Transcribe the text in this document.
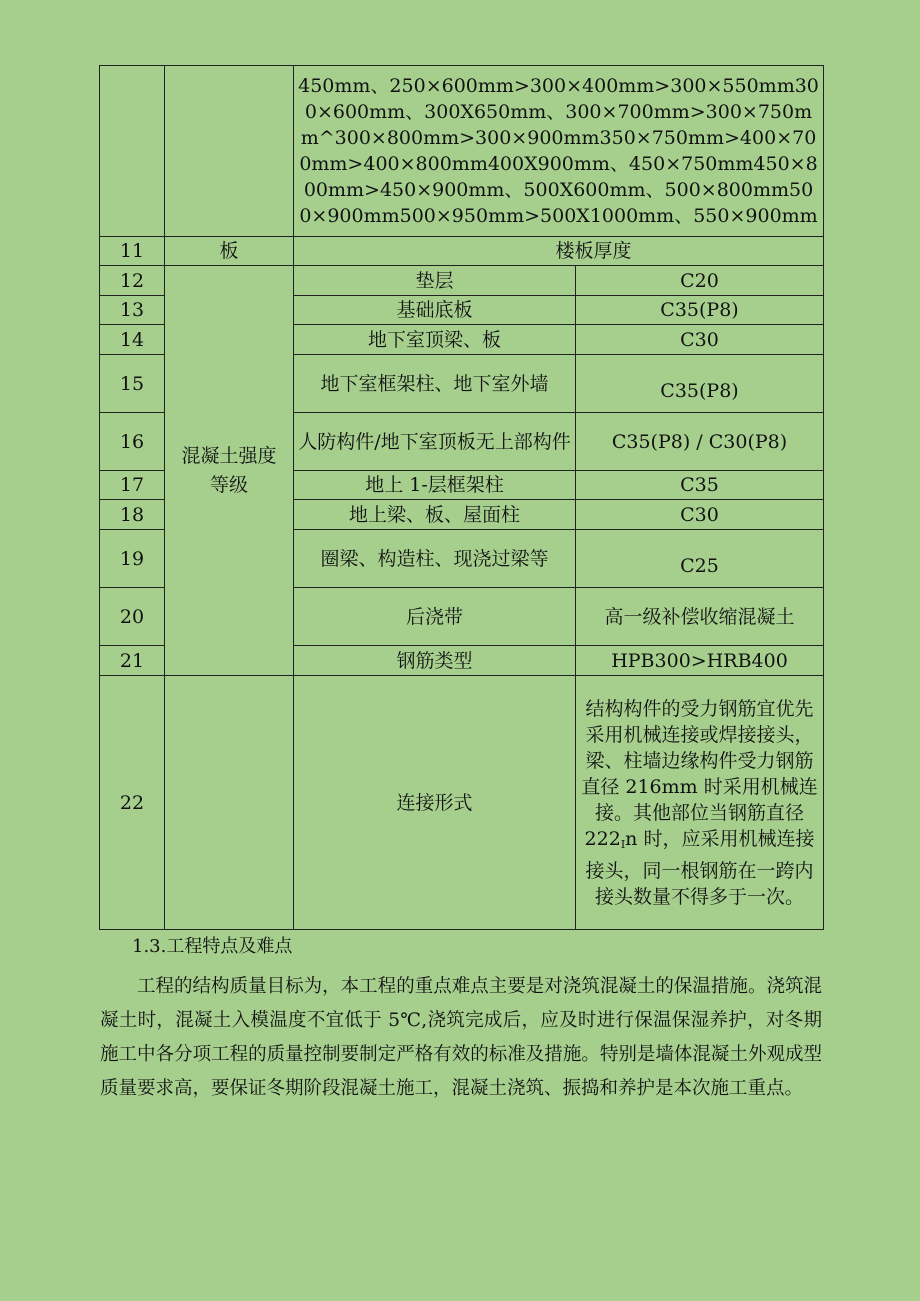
		450mm、250×600mm>300×400mm>300×550mm300×600mm、300X650mm、300×700mm>300×750mm^300×800mm>300×900mm350×750mm>400×700mm>400×800mm400X900mm、450×750mm450×800mm>450×900mm、500X600mm、500×800mm500×900mm500×950mm>500X1000mm、550×900mm	
11	板	楼板厚度	
12	混凝土强度等级	垫层	C20
13		基础底板	C35(P8)
14		地下室顶梁、板	C30
15		地下室框架柱、地下室外墙	C35(P8)
16		人防构件/地下室顶板无上部构件	C35(P8) / C30(P8)
17		地上 1-层框架柱	C35
18		地上梁、板、屋面柱	C30
19		圈梁、构造柱、现浇过梁等	C25
20		后浇带	高一级补偿收缩混凝土
21		钢筋类型	HPB300>HRB400
22		连接形式	结构构件的受力钢筋宜优先采用机械连接或焊接接头，梁、柱墙边缘构件受力钢筋直径 216mm 时采用机械连接。其他部位当钢筋直径 $222_In$ 时，应采用机械连接接头，同一根钢筋在一跨内接头数量不得多于一次。

1.3.工程特点及难点

工程的结构质量目标为，本工程的重点难点主要是对浇筑混凝土的保温措施。浇筑混凝土时，混凝土入模温度不宜低于 5℃,浇筑完成后，应及时进行保温保湿养护，对冬期施工中各分项工程的质量控制要制定严格有效的标准及措施。特别是墙体混凝土外观成型质量要求高，要保证冬期阶段混凝土施工，混凝土浇筑、振捣和养护是本次施工重点。
